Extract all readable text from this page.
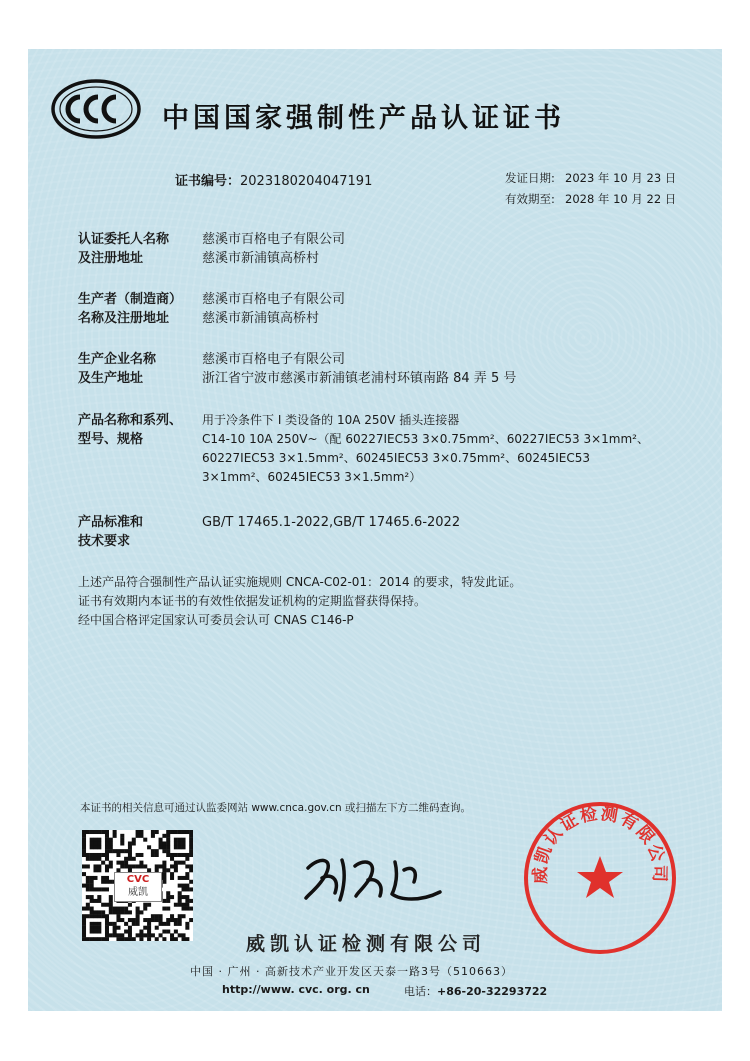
中国国家强制性产品认证证书
证书编号：2023180204047191	发证日期: 2023 年 10 月 23 日
有效期至: 2028 年 10 月 22 日
认证委托人名称
及注册地址
慈溪市百格电子有限公司
慈溪市新浦镇高桥村
生产者（制造商）
名称及注册地址
慈溪市百格电子有限公司
慈溪市新浦镇高桥村
生产企业名称
及生产地址
慈溪市百格电子有限公司
浙江省宁波市慈溪市新浦镇老浦村环镇南路 84 弄 5 号
产品名称和系列、
型号、规格
用于冷条件下 I 类设备的 10A 250V 插头连接器
C14-10 10A 250V~（配 60227IEC53 3×0.75mm²、60227IEC53 3×1mm²、
60227IEC53 3×1.5mm²、60245IEC53 3×0.75mm²、60245IEC53
3×1mm²、60245IEC53 3×1.5mm²）
产品标准和
技术要求
GB/T 17465.1-2022,GB/T 17465.6-2022
上述产品符合强制性产品认证实施规则 CNCA-C02-01：2014 的要求，特发此证。
证书有效期内本证书的有效性依据发证机构的定期监督获得保持。
经中国合格评定国家认可委员会认可 CNAS C146-P
本证书的相关信息可通过认监委网站 www.cnca.gov.cn 或扫描左下方二维码查询。
CVC
威凯
威凯认证检测有限公司
中国 · 广州 · 高新技术产业开发区天泰一路3号（510663）
http://www. cvc. org. cn	电话：+86-20-32293722
威凯认证检测有限公司
